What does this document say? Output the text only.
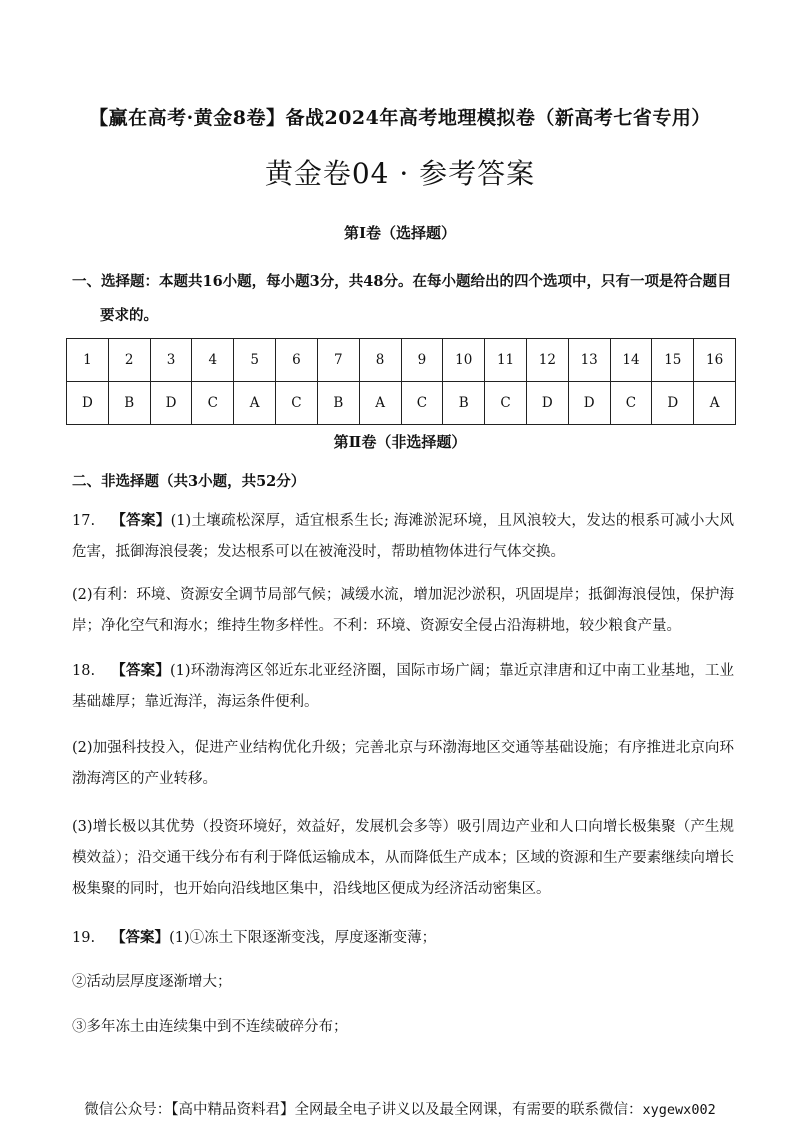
【赢在高考·黄金8卷】备战2024年高考地理模拟卷（新高考七省专用）
黄金卷04 · 参考答案
第Ⅰ卷（选择题）
一、选择题：本题共16小题，每小题3分，共48分。在每小题给出的四个选项中，只有一项是符合题目
要求的。
1	2	3	4	5	6	7	8	9	10	11	12	13	14	15	16
D	B	D	C	A	C	B	A	C	B	C	D	D	C	D	A
第Ⅱ卷（非选择题）
二、非选择题（共3小题，共52分）
17. 【答案】(1)土壤疏松深厚，适宜根系生长; 海滩淤泥环境，且风浪较大，发达的根系可减小大风危害，抵御海浪侵袭；发达根系可以在被淹没时，帮助植物体进行气体交换。
(2)有利：环境、资源安全调节局部气候；减缓水流，增加泥沙淤积，巩固堤岸；抵御海浪侵蚀，保护海岸；净化空气和海水；维持生物多样性。不利：环境、资源安全侵占沿海耕地，较少粮食产量。
18. 【答案】(1)环渤海湾区邻近东北亚经济圈，国际市场广阔；靠近京津唐和辽中南工业基地，工业基础雄厚；靠近海洋，海运条件便利。
(2)加强科技投入，促进产业结构优化升级；完善北京与环渤海地区交通等基础设施；有序推进北京向环渤海湾区的产业转移。
(3)增长极以其优势（投资环境好，效益好，发展机会多等）吸引周边产业和人口向增长极集聚（产生规模效益）；沿交通干线分布有利于降低运输成本，从而降低生产成本；区域的资源和生产要素继续向增长极集聚的同时，也开始向沿线地区集中，沿线地区便成为经济活动密集区。
19. 【答案】(1)①冻土下限逐渐变浅，厚度逐渐变薄；
②活动层厚度逐渐增大；
③多年冻土由连续集中到不连续破碎分布；
微信公众号：【高中精品资料君】全网最全电子讲义以及最全网课，有需要的联系微信：xygewx002
